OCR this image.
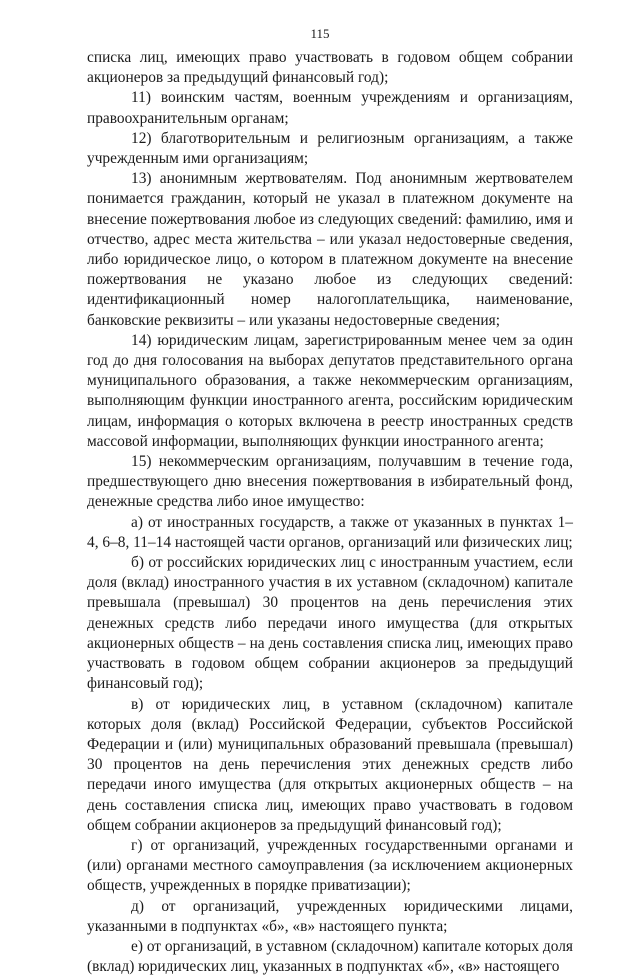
115

списка лиц, имеющих право участвовать в годовом общем собрании акционеров за предыдущий финансовый год);

11) воинским частям, военным учреждениям и организациям, правоохранительным органам;

12) благотворительным и религиозным организациям, а также учрежденным ими организациям;

13) анонимным жертвователям. Под анонимным жертвователем понимается гражданин, который не указал в платежном документе на внесение пожертвования любое из следующих сведений: фамилию, имя и отчество, адрес места жительства – или указал недостоверные сведения, либо юридическое лицо, о котором в платежном документе на внесение пожертвования не указано любое из следующих сведений: идентификационный номер налогоплательщика, наименование, банковские реквизиты – или указаны недостоверные сведения;

14) юридическим лицам, зарегистрированным менее чем за один год до дня голосования на выборах депутатов представительного органа муниципального образования, а также некоммерческим организациям, выполняющим функции иностранного агента, российским юридическим лицам, информация о которых включена в реестр иностранных средств массовой информации, выполняющих функции иностранного агента;

15) некоммерческим организациям, получавшим в течение года, предшествующего дню внесения пожертвования в избирательный фонд, денежные средства либо иное имущество:

а) от иностранных государств, а также от указанных в пунктах 1–4, 6–8, 11–14 настоящей части органов, организаций или физических лиц;

б) от российских юридических лиц с иностранным участием, если доля (вклад) иностранного участия в их уставном (складочном) капитале превышала (превышал) 30 процентов на день перечисления этих денежных средств либо передачи иного имущества (для открытых акционерных обществ – на день составления списка лиц, имеющих право участвовать в годовом общем собрании акционеров за предыдущий финансовый год);

в) от юридических лиц, в уставном (складочном) капитале которых доля (вклад) Российской Федерации, субъектов Российской Федерации и (или) муниципальных образований превышала (превышал) 30 процентов на день перечисления этих денежных средств либо передачи иного имущества (для открытых акционерных обществ – на день составления списка лиц, имеющих право участвовать в годовом общем собрании акционеров за предыдущий финансовый год);

г) от организаций, учрежденных государственными органами и (или) органами местного самоуправления (за исключением акционерных обществ, учрежденных в порядке приватизации);

д) от организаций, учрежденных юридическими лицами, указанными в подпунктах «б», «в» настоящего пункта;

е) от организаций, в уставном (складочном) капитале которых доля (вклад) юридических лиц, указанных в подпунктах «б», «в» настоящего
